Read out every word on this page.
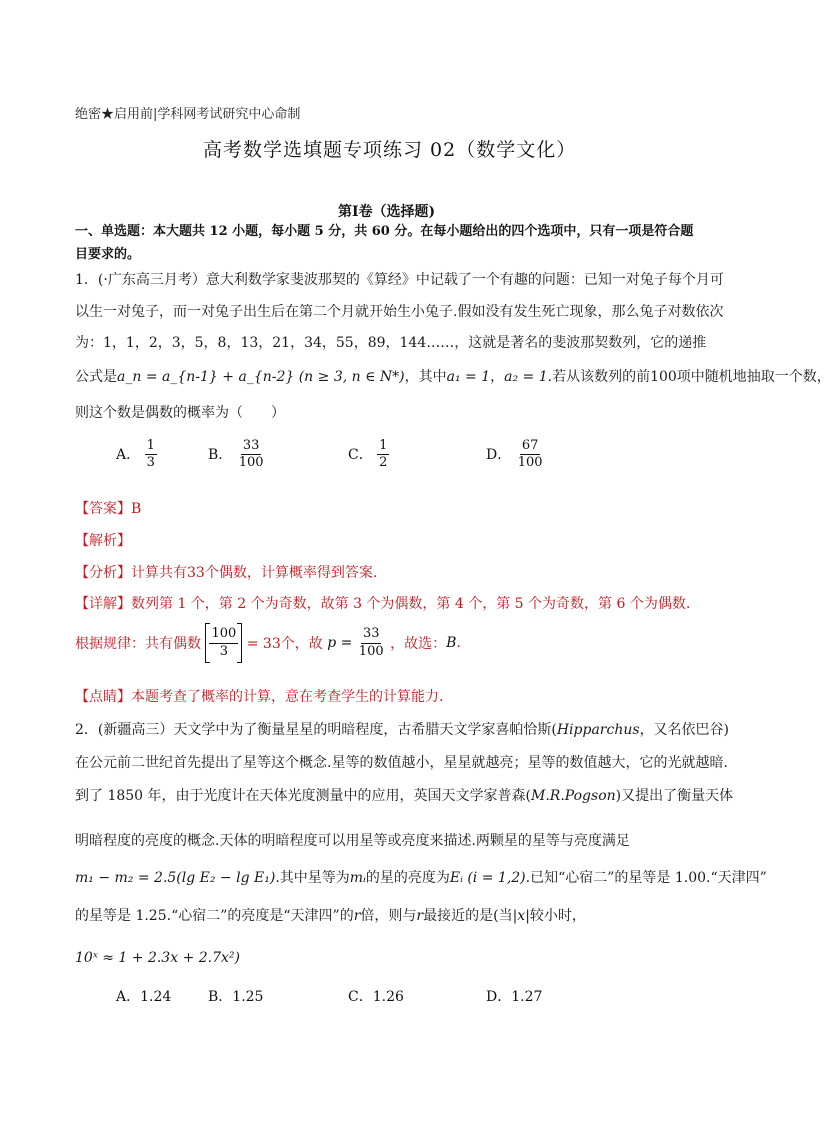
绝密★启用前|学科网考试研究中心命制
高考数学选填题专项练习 02（数学文化）
第Ⅰ卷（选择题)
一、单选题：本大题共 12 小题，每小题 5 分，共 60 分。在每小题给出的四个选项中，只有一项是符合题
目要求的。
1．(·广东高三月考）意大利数学家斐波那契的《算经》中记载了一个有趣的问题：已知一对兔子每个月可
以生一对兔子，而一对兔子出生后在第二个月就开始生小兔子.假如没有发生死亡现象，那么兔子对数依次
为：1，1，2，3，5，8，13，21，34，55，89，144……，这就是著名的斐波那契数列，它的递推
公式是a_n = a_{n-1} + a_{n-2} (n ≥ 3, n ∈ N*)，其中a₁ = 1，a₂ = 1.若从该数列的前100项中随机地抽取一个数，
则这个数是偶数的概率为（　　）
A． $\frac{1}{3}$	B． $\frac{33}{100}$	C． $\frac{1}{2}$	D． $\frac{67}{100}$
【答案】B
【解析】
【分析】计算共有33个偶数，计算概率得到答案.
【详解】数列第 1 个，第 2 个为奇数，故第 3 个为偶数，第 4 个，第 5 个为奇数，第 6 个为偶数.
根据规律：共有偶数 $\frac{100}{3} = 33$个，故 $p = \frac{33}{100}$ ，故选：B.
【点睛】本题考查了概率的计算，意在考查学生的计算能力.
2．(新疆高三）天文学中为了衡量星星的明暗程度，古希腊天文学家喜帕恰斯(Hipparchus，又名依巴谷)
在公元前二世纪首先提出了星等这个概念.星等的数值越小，星星就越亮；星等的数值越大，它的光就越暗.
到了 1850 年，由于光度计在天体光度测量中的应用，英国天文学家普森(M.R.Pogson)又提出了衡量天体
明暗程度的亮度的概念.天体的明暗程度可以用星等或亮度来描述.两颗星的星等与亮度满足
m₁ − m₂ = 2.5(lg E₂ − lg E₁).其中星等为mᵢ的星的亮度为Eᵢ (i = 1,2).已知“心宿二”的星等是 1.00.“天津四”
的星等是 1.25.“心宿二”的亮度是“天津四”的r倍，则与r最接近的是(当|x|较小时，
10ˣ ≈ 1 + 2.3x + 2.7x²)
A．1.24	B．1.25	C．1.26	D．1.27
